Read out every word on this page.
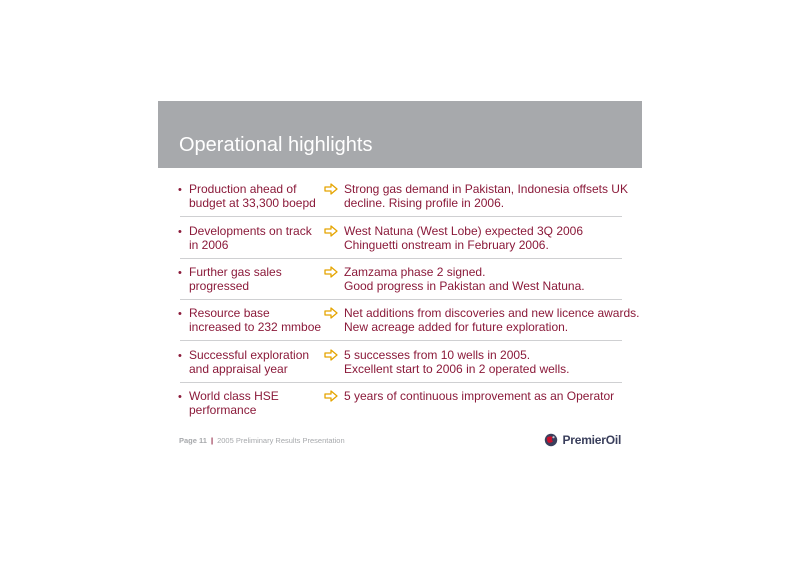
Operational highlights
• Production ahead of
budget at 33,300 boepd
Strong gas demand in Pakistan, Indonesia offsets UK
decline. Rising profile in 2006.
• Developments on track
in 2006
West Natuna (West Lobe) expected 3Q 2006
Chinguetti onstream in February 2006.
• Further gas sales
progressed
Zamzama phase 2 signed.
Good progress in Pakistan and West Natuna.
• Resource base
increased to 232 mmboe
Net additions from discoveries and new licence awards.
New acreage added for future exploration.
• Successful exploration
and appraisal year
5 successes from 10 wells in 2005.
Excellent start to 2006 in 2 operated wells.
• World class HSE
performance
5 years of continuous improvement as an Operator
Page 11 | 2005 Preliminary Results Presentation	PremierOil
